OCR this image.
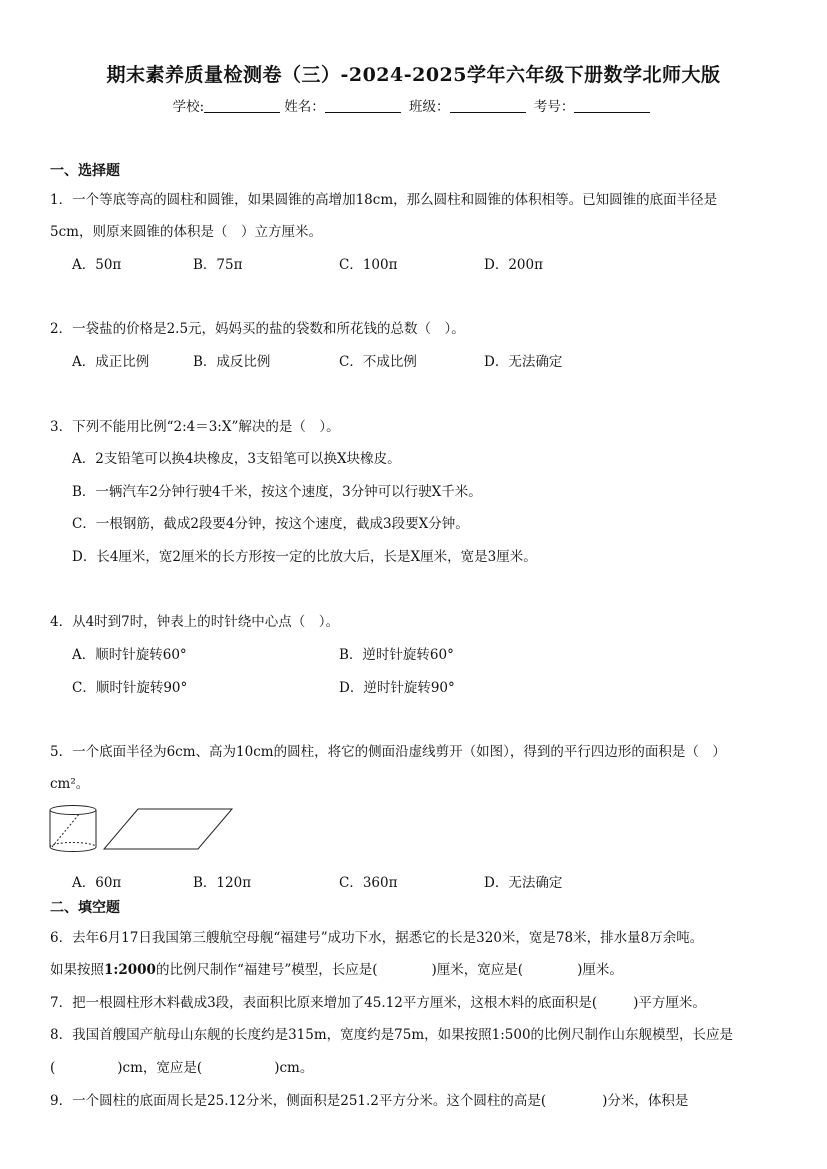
期末素养质量检测卷（三）-2024-2025学年六年级下册数学北师大版
学校:	姓名：	班级：	考号：
一、选择题
1．一个等底等高的圆柱和圆锥，如果圆锥的高增加18cm，那么圆柱和圆锥的体积相等。已知圆锥的底面半径是
5cm，则原来圆锥的体积是（　）立方厘米。
A．50π	B．75π	C．100π	D．200π
2．一袋盐的价格是2.5元，妈妈买的盐的袋数和所花钱的总数（　）。
A．成正比例	B．成反比例	C．不成比例	D．无法确定
3．下列不能用比例“2:4＝3:X”解决的是（　）。
A．2支铅笔可以换4块橡皮，3支铅笔可以换X块橡皮。
B．一辆汽车2分钟行驶4千米，按这个速度，3分钟可以行驶X千米。
C．一根钢筋，截成2段要4分钟，按这个速度，截成3段要X分钟。
D．长4厘米，宽2厘米的长方形按一定的比放大后，长是X厘米，宽是3厘米。
4．从4时到7时，钟表上的时针绕中心点（　）。
A．顺时针旋转60°	B．逆时针旋转60°
C．顺时针旋转90°	D．逆时针旋转90°
5．一个底面半径为6cm、高为10cm的圆柱，将它的侧面沿虚线剪开（如图），得到的平行四边形的面积是（　）
cm²。
A．60π	B．120π	C．360π	D．无法确定
二、填空题
6．去年6月17日我国第三艘航空母舰“福建号”成功下水，据悉它的长是320米，宽是78米，排水量8万余吨。
如果按照1:2000的比例尺制作“福建号”模型，长应是(	)厘米，宽应是(	)厘米。
7．把一根圆柱形木料截成3段，表面积比原来增加了45.12平方厘米，这根木料的底面积是(	)平方厘米。
8．我国首艘国产航母山东舰的长度约是315m，宽度约是75m，如果按照1:500的比例尺制作山东舰模型，长应是
(	)cm，宽应是(	)cm。
9．一个圆柱的底面周长是25.12分米，侧面积是251.2平方分米。这个圆柱的高是(	)分米，体积是
